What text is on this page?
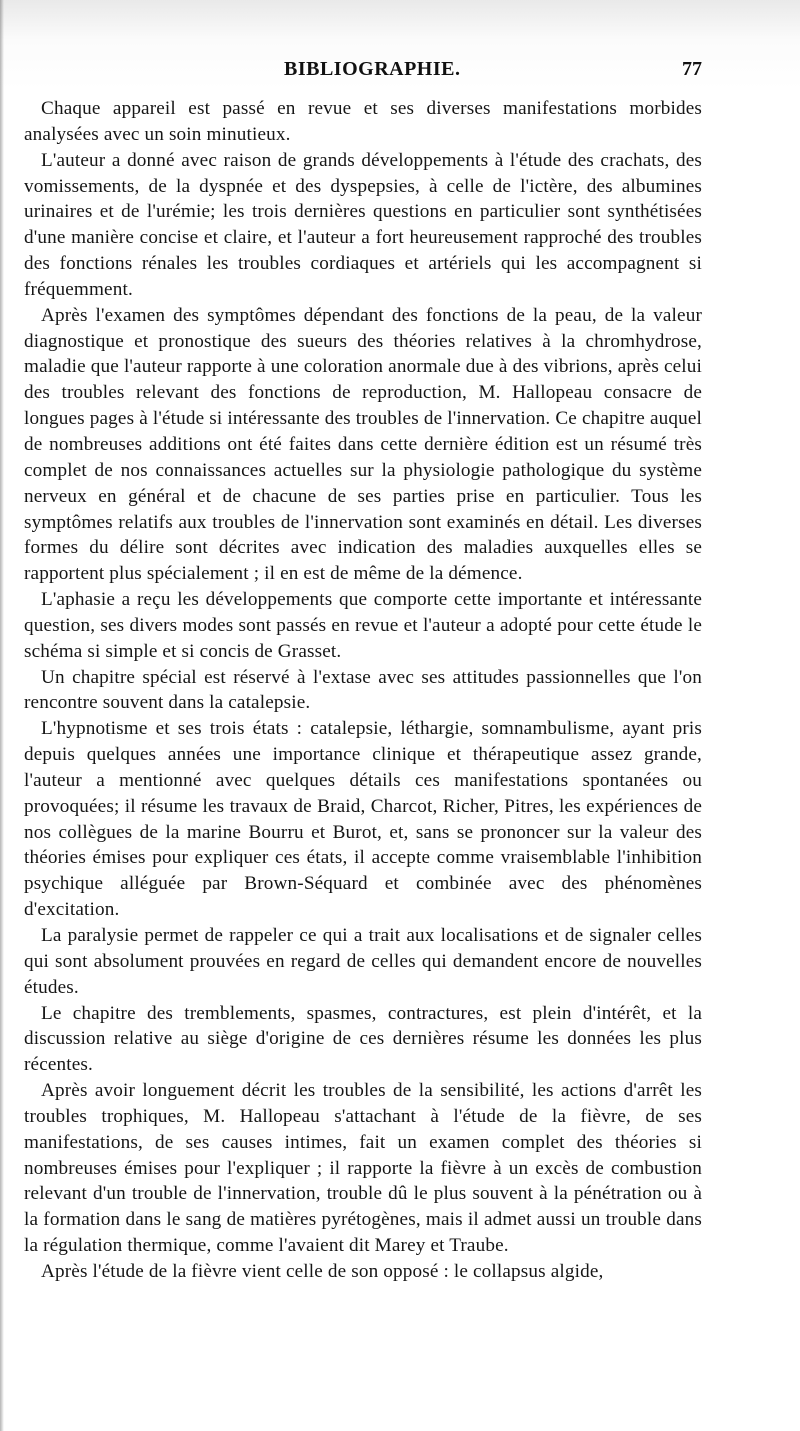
BIBLIOGRAPHIE.	77

Chaque appareil est passé en revue et ses diverses manifestations morbides analysées avec un soin minutieux.

L'auteur a donné avec raison de grands développements à l'étude des crachats, des vomissements, de la dyspnée et des dyspepsies, à celle de l'ictère, des albumines urinaires et de l'urémie; les trois dernières questions en particulier sont synthétisées d'une manière concise et claire, et l'auteur a fort heureusement rapproché des troubles des fonctions rénales les troubles cordiaques et artériels qui les accompagnent si fréquemment.

Après l'examen des symptômes dépendant des fonctions de la peau, de la valeur diagnostique et pronostique des sueurs des théories relatives à la chromhydrose, maladie que l'auteur rapporte à une coloration anormale due à des vibrions, après celui des troubles relevant des fonctions de reproduction, M. Hallopeau consacre de longues pages à l'étude si intéressante des troubles de l'innervation. Ce chapitre auquel de nombreuses additions ont été faites dans cette dernière édition est un résumé très complet de nos connaissances actuelles sur la physiologie pathologique du système nerveux en général et de chacune de ses parties prise en particulier. Tous les symptômes relatifs aux troubles de l'innervation sont examinés en détail. Les diverses formes du délire sont décrites avec indication des maladies auxquelles elles se rapportent plus spécialement ; il en est de même de la démence.

L'aphasie a reçu les développements que comporte cette importante et intéressante question, ses divers modes sont passés en revue et l'auteur a adopté pour cette étude le schéma si simple et si concis de Grasset.

Un chapitre spécial est réservé à l'extase avec ses attitudes passionnelles que l'on rencontre souvent dans la catalepsie.

L'hypnotisme et ses trois états : catalepsie, léthargie, somnambulisme, ayant pris depuis quelques années une importance clinique et thérapeutique assez grande, l'auteur a mentionné avec quelques détails ces manifestations spontanées ou provoquées; il résume les travaux de Braid, Charcot, Richer, Pitres, les expériences de nos collègues de la marine Bourru et Burot, et, sans se prononcer sur la valeur des théories émises pour expliquer ces états, il accepte comme vraisemblable l'inhibition psychique alléguée par Brown-Séquard et combinée avec des phénomènes d'excitation.

La paralysie permet de rappeler ce qui a trait aux localisations et de signaler celles qui sont absolument prouvées en regard de celles qui demandent encore de nouvelles études.

Le chapitre des tremblements, spasmes, contractures, est plein d'intérêt, et la discussion relative au siège d'origine de ces dernières résume les données les plus récentes.

Après avoir longuement décrit les troubles de la sensibilité, les actions d'arrêt les troubles trophiques, M. Hallopeau s'attachant à l'étude de la fièvre, de ses manifestations, de ses causes intimes, fait un examen complet des théories si nombreuses émises pour l'expliquer ; il rapporte la fièvre à un excès de combustion relevant d'un trouble de l'innervation, trouble dû le plus souvent à la pénétration ou à la formation dans le sang de matières pyrétogènes, mais il admet aussi un trouble dans la régulation thermique, comme l'avaient dit Marey et Traube.

Après l'étude de la fièvre vient celle de son opposé : le collapsus algide,
